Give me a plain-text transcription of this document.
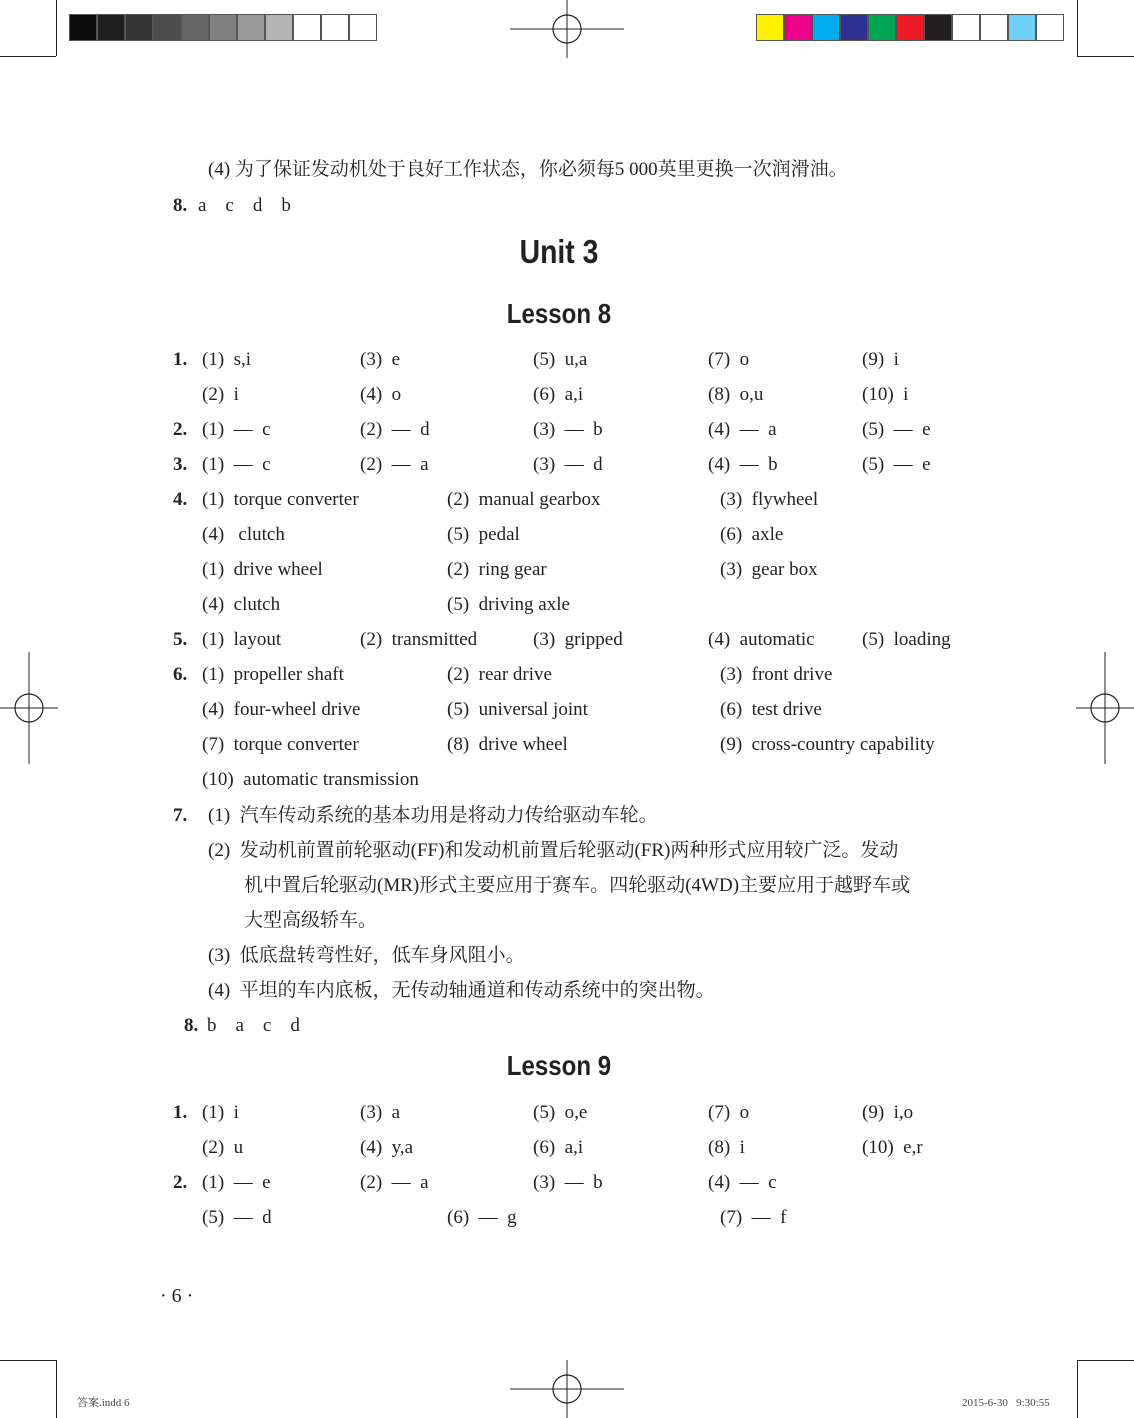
(4) 为了保证发动机处于良好工作状态，你必须每5 000英里更换一次润滑油。
8. a    c    d    b
Unit 3
Lesson 8
1. (1)  s,i	(3)  e	(5)  u,a	(7)  o	(9)  i
(2)  i	(4)  o	(6)  a,i	(8)  o,u	(10)  i
2. (1)  —  c	(2)  —  d	(3)  —  b	(4)  —  a	(5)  —  e
3. (1)  —  c	(2)  —  a	(3)  —  d	(4)  —  b	(5)  —  e
4. (1)  torque converter	(2)  manual gearbox	(3)  flywheel
(4)   clutch	(5)  pedal	(6)  axle
(1)  drive wheel	(2)  ring gear	(3)  gear box
(4)  clutch	(5)  driving axle
5. (1)  layout	(2)  transmitted	(3)  gripped	(4)  automatic (5)  loading
6. (1)  propeller shaft	(2)  rear drive	(3)  front drive
(4)  four-wheel drive	(5)  universal joint	(6)  test drive
(7)  torque converter	(8)  drive wheel	(9)  cross-country capability
(10)  automatic transmission
7. (1)  汽车传动系统的基本功用是将动力传给驱动车轮。
(2)  发动机前置前轮驱动(FF)和发动机前置后轮驱动(FR)两种形式应用较广泛。发动
机中置后轮驱动(MR)形式主要应用于赛车。四轮驱动(4WD)主要应用于越野车或
大型高级轿车。
(3)  低底盘转弯性好，低车身风阻小。
(4)  平坦的车内底板，无传动轴通道和传动系统中的突出物。
8. b    a    c    d
Lesson 9
1. (1)  i	(3)  a	(5)  o,e	(7)  o	(9)  i,o
(2)  u	(4)  y,a	(6)  a,i	(8)  i	(10)  e,r
2. (1)  —  e	(2)  —  a	(3)  —  b	(4)  —  c
(5)  —  d	(6)  —  g	(7)  —  f
· 6 ·
答案.indd 6	2015-6-30   9:30:55
